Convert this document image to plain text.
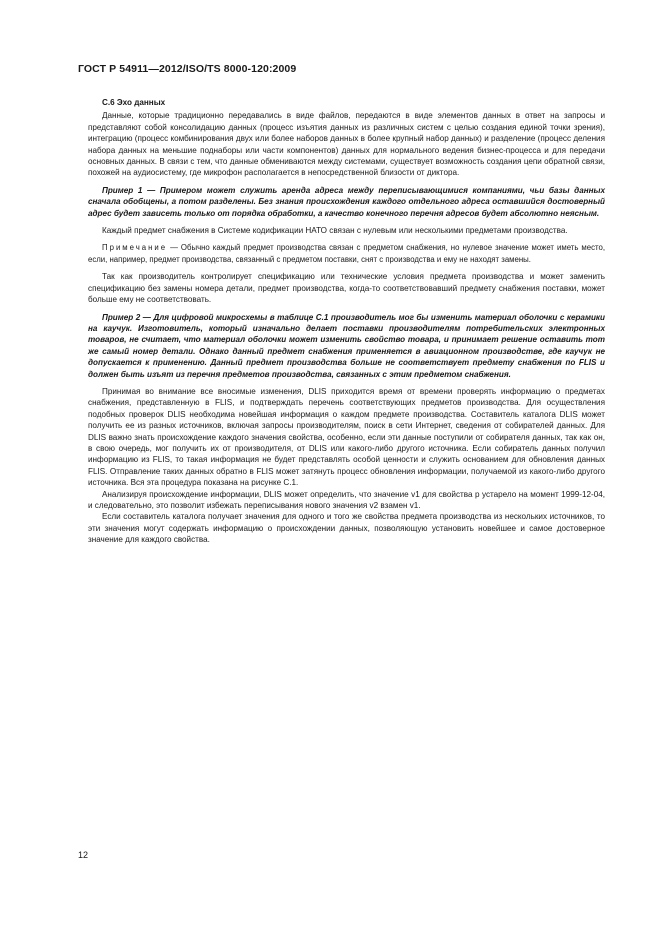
ГОСТ Р 54911—2012/ISO/TS 8000-120:2009
С.6 Эхо данных

Данные, которые традиционно передавались в виде файлов, передаются в виде элементов данных в ответ на запросы и представляют собой консолидацию данных (процесс изъятия данных из различных систем с целью создания единой точки зрения), интеграцию (процесс комбинирования двух или более наборов данных в более крупный набор данных) и разделение (процесс деления набора данных на меньшие поднаборы или части компонентов) данных для нормального ведения бизнес-процесса и для передачи основных данных. В связи с тем, что данные обмениваются между системами, существует возможность создания цепи обратной связи, похожей на аудиосистему, где микрофон располагается в непосредственной близости от диктора.

Пример 1 — Примером может служить аренда адреса между переписывающимися компаниями, чьи базы данных сначала обобщены, а потом разделены. Без знания происхождения каждого отдельного адреса оставшийся достоверный адрес будет зависеть только от порядка обработки, а качество конечного перечня адресов будет абсолютно неясным.

Каждый предмет снабжения в Системе кодификации НАТО связан с нулевым или несколькими предметами производства.

Примечание — Обычно каждый предмет производства связан с предметом снабжения, но нулевое значение может иметь место, если, например, предмет производства, связанный с предметом поставки, снят с производства и ему не находят замены.

Так как производитель контролирует спецификацию или технические условия предмета производства и может заменить спецификацию без замены номера детали, предмет производства, когда-то соответствовавший предмету снабжения поставки, может больше ему не соответствовать.

Пример 2 — Для цифровой микросхемы в таблице С.1 производитель мог бы изменить материал оболочки с керамики на каучук. Изготовитель, который изначально делает поставки производителям потребительских электронных товаров, не считает, что материал оболочки может изменить свойство товара, и принимает решение оставить тот же самый номер детали. Однако данный предмет снабжения применяется в авиационном производстве, где каучук не допускается к применению. Данный предмет производства больше не соответствует предмету снабжения по FLIS и должен быть изъят из перечня предметов производства, связанных с этим предметом снабжения.

Принимая во внимание все вносимые изменения, DLIS приходится время от времени проверять информацию о предметах снабжения, представленную в FLIS, и подтверждать перечень соответствующих предметов производства. Для осуществления подобных проверок DLIS необходима новейшая информация о каждом предмете производства. Составитель каталога DLIS может получить ее из разных источников, включая запросы производителям, поиск в сети Интернет, сведения от собирателей данных. Для DLIS важно знать происхождение каждого значения свойства, особенно, если эти данные поступили от собирателя данных, так как он, в свою очередь, мог получить их от производителя, от DLIS или какого-либо другого источника. Если собиратель данных получил информацию из FLIS, то такая информация не будет представлять особой ценности и служить основанием для обновления данных FLIS. Отправление таких данных обратно в FLIS может затянуть процесс обновления информации, получаемой из какого-либо другого источника. Вся эта процедура показана на рисунке С.1.

Анализируя происхождение информации, DLIS может определить, что значение v1 для свойства р устарело на момент 1999-12-04, и следовательно, это позволит избежать переписывания нового значения v2 взамен v1.

Если составитель каталога получает значения для одного и того же свойства предмета производства из нескольких источников, то эти значения могут содержать информацию о происхождении данных, позволяющую установить новейшее и самое достоверное значение для каждого свойства.

12
